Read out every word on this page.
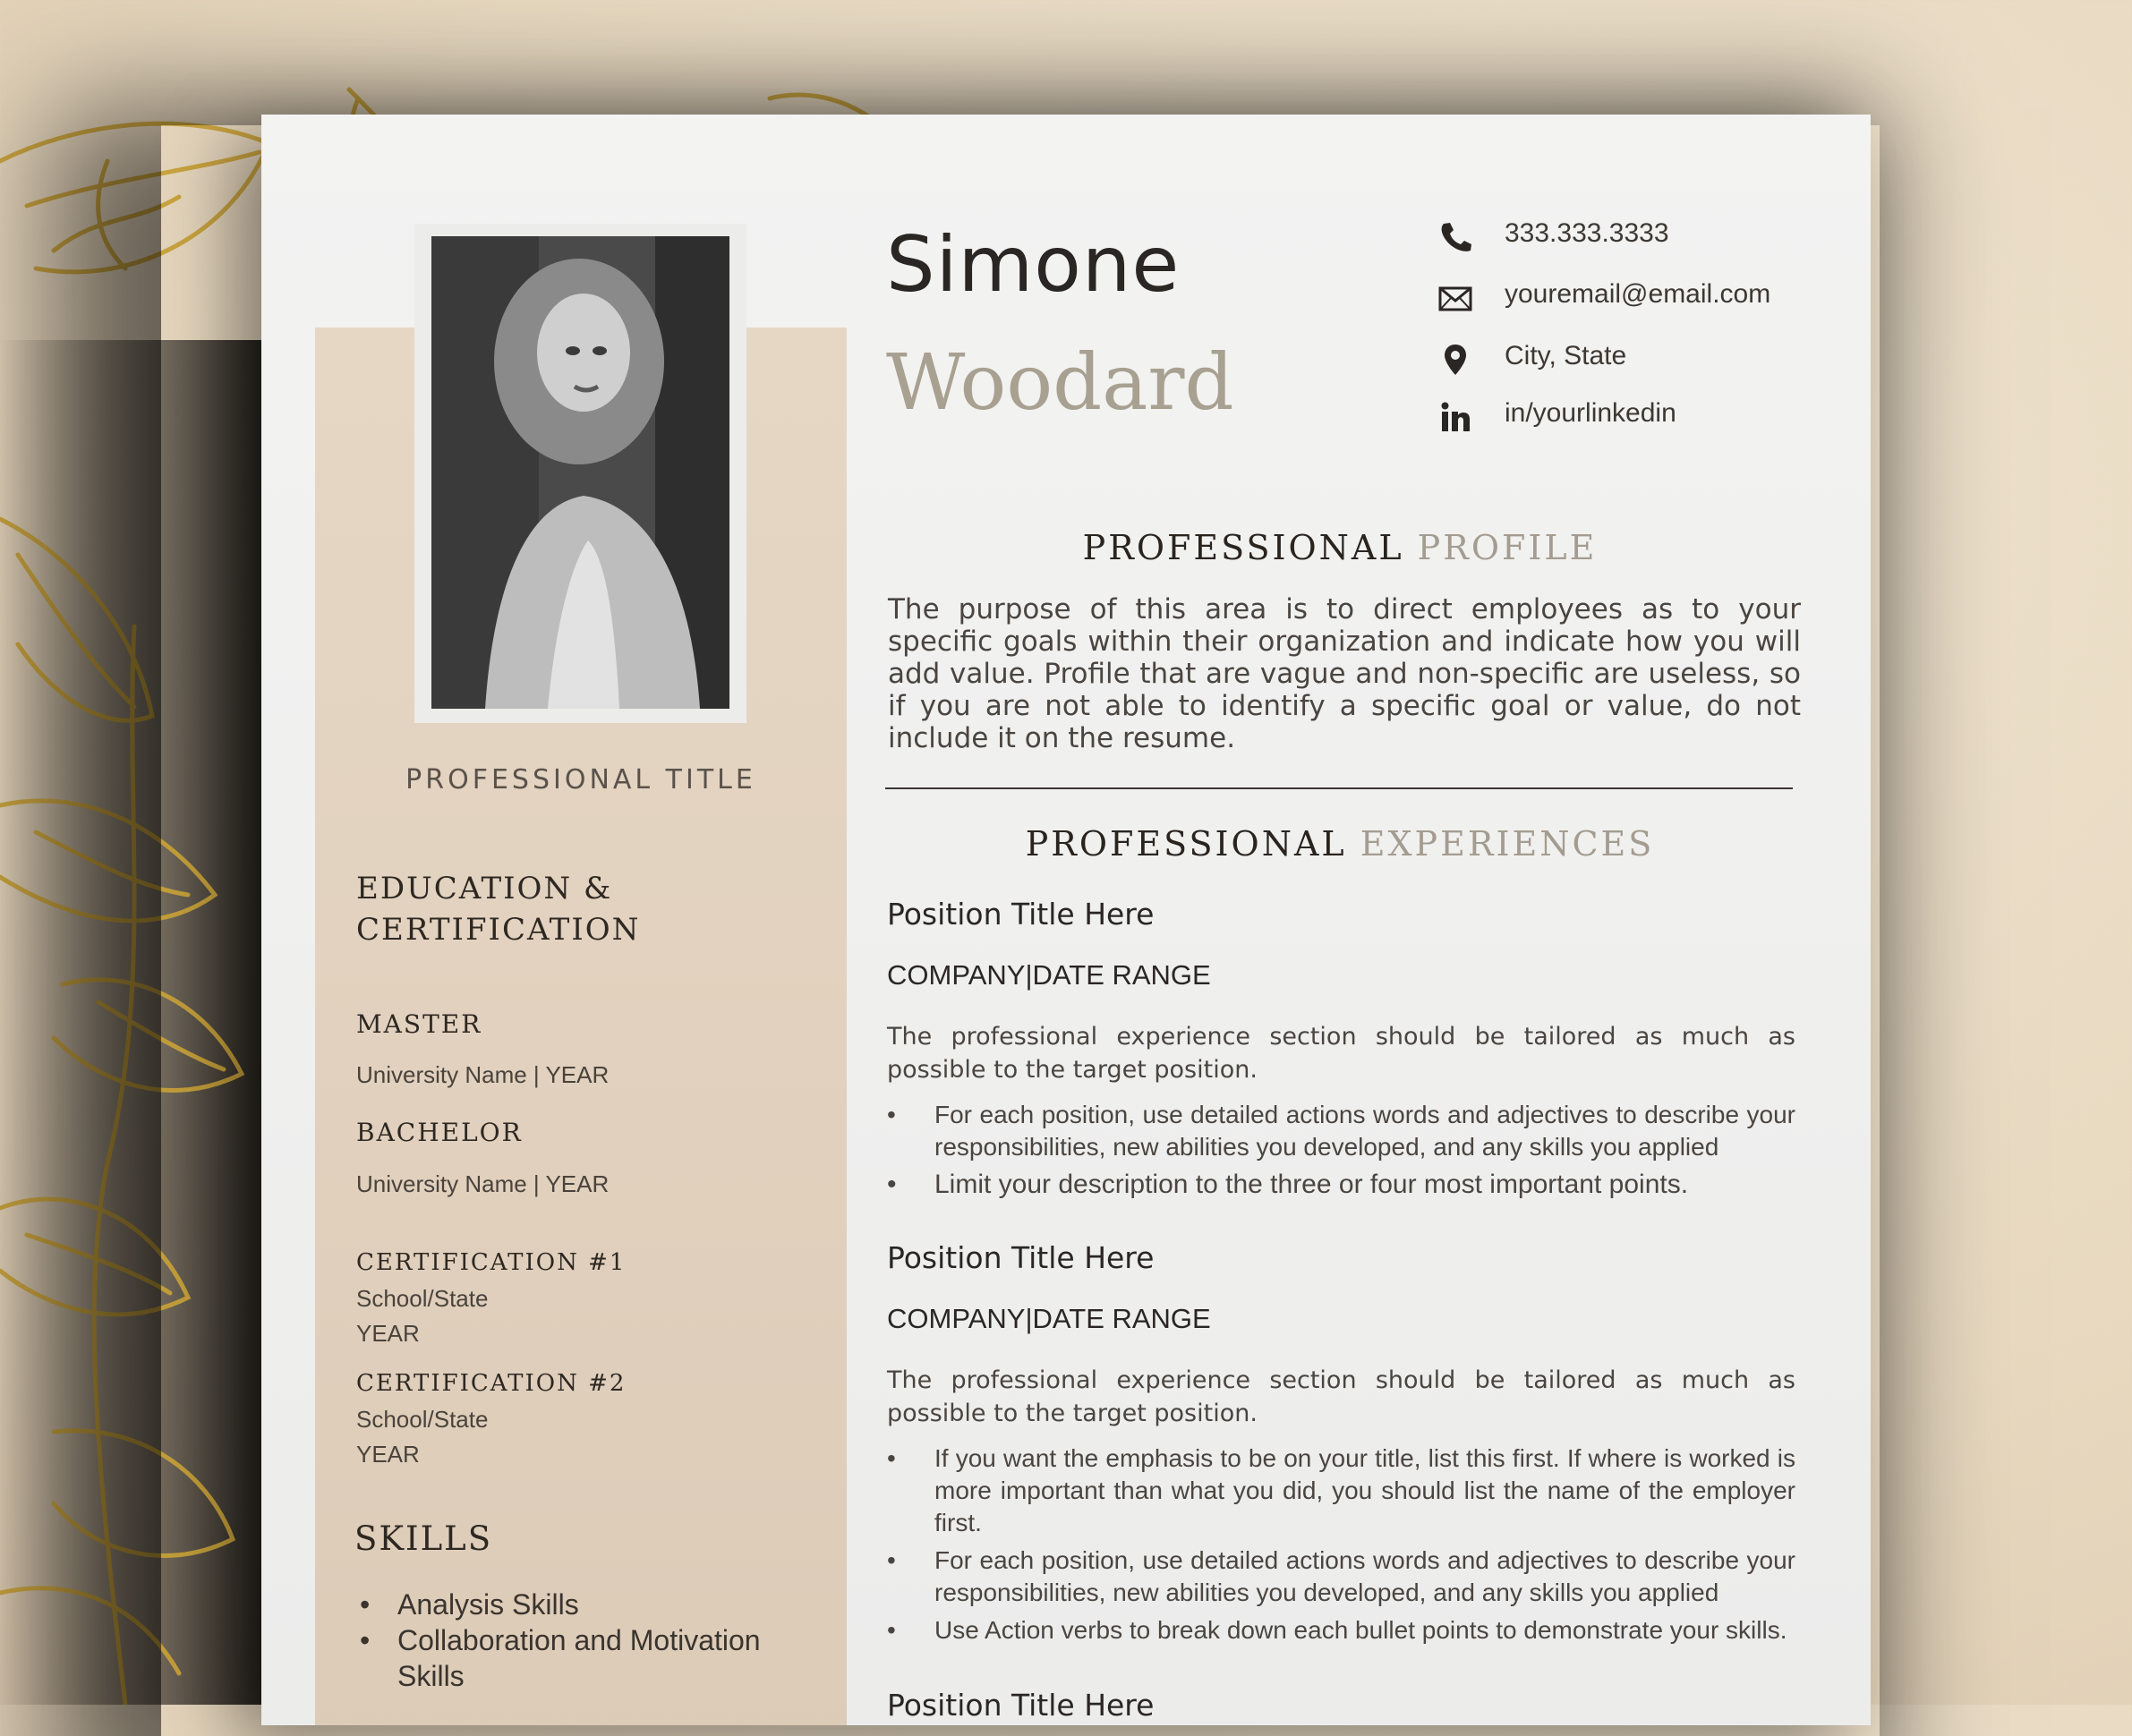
PROFESSIONAL TITLE
EDUCATION &
CERTIFICATION
MASTER
University Name | YEAR
BACHELOR
University Name | YEAR
CERTIFICATION #1
School/State
YEAR
CERTIFICATION #2
School/State
YEAR
SKILLS
• Analysis Skills
• Collaboration and Motivation Skills
Simone
Woodard
333.333.3333
youremail@email.com
City, State
in/yourlinkedin
PROFESSIONAL PROFILE
The purpose of this area is to direct employees as to your specific goals within their organization and indicate how you will add value. Profile that are vague and non-specific are useless, so if you are not able to identify a specific goal or value, do not include it on the resume.
PROFESSIONAL EXPERIENCES
Position Title Here
COMPANY|DATE RANGE
The professional experience section should be tailored as much as possible to the target position.
• For each position, use detailed actions words and adjectives to describe your responsibilities, new abilities you developed, and any skills you applied
• Limit your description to the three or four most important points.
Position Title Here
COMPANY|DATE RANGE
The professional experience section should be tailored as much as possible to the target position.
• If you want the emphasis to be on your title, list this first. If where is worked is more important than what you did, you should list the name of the employer first.
• For each position, use detailed actions words and adjectives to describe your responsibilities, new abilities you developed, and any skills you applied
• Use Action verbs to break down each bullet points to demonstrate your skills.
Position Title Here
